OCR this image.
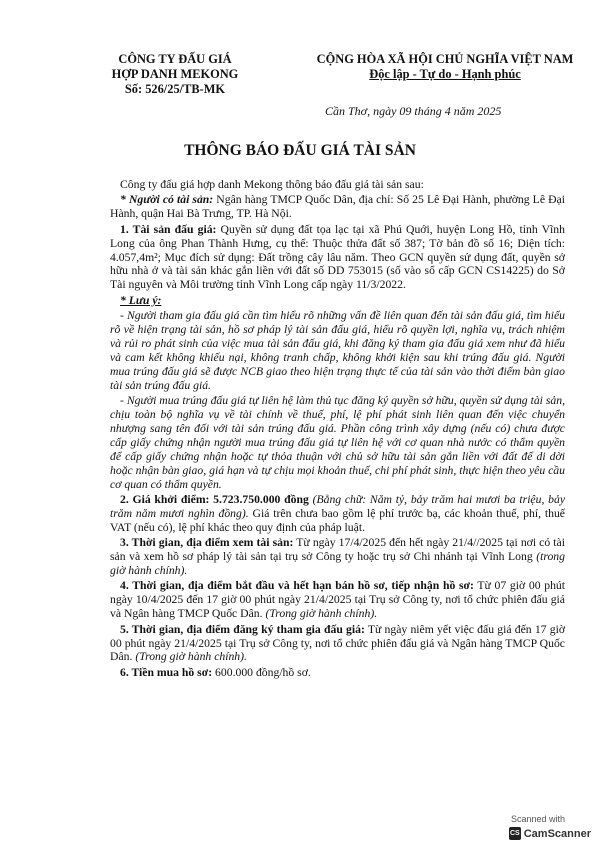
CÔNG TY ĐẤU GIÁ
HỢP DANH MEKONG
Số: 526/25/TB-MK
CỘNG HÒA XÃ HỘI CHỦ NGHĨA VIỆT NAM
Độc lập - Tự do - Hạnh phúc
Cần Thơ, ngày 09 tháng 4 năm 2025
THÔNG BÁO ĐẤU GIÁ TÀI SẢN

Công ty đấu giá hợp danh Mekong thông báo đấu giá tài sản sau:

* Người có tài sản: Ngân hàng TMCP Quốc Dân, địa chỉ: Số 25 Lê Đại Hành, phường Lê Đại Hành, quận Hai Bà Trưng, TP. Hà Nội.

1. Tài sản đấu giá: Quyền sử dụng đất tọa lạc tại xã Phú Quới, huyện Long Hồ, tỉnh Vĩnh Long của ông Phan Thành Hưng, cụ thể: Thuộc thửa đất số 387; Tờ bản đồ số 16; Diện tích: 4.057,4m²; Mục đích sử dụng: Đất trồng cây lâu năm. Theo GCN quyền sử dụng đất, quyền sở hữu nhà ở và tài sản khác gắn liền với đất số DD 753015 (số vào sổ cấp GCN CS14225) do Sở Tài nguyên và Môi trường tỉnh Vĩnh Long cấp ngày 11/3/2022.

* Lưu ý:

- Người tham gia đấu giá cần tìm hiểu rõ những vấn đề liên quan đến tài sản đấu giá, tìm hiểu rõ về hiện trạng tài sản, hồ sơ pháp lý tài sản đấu giá, hiểu rõ quyền lợi, nghĩa vụ, trách nhiệm và rủi ro phát sinh của việc mua tài sản đấu giá, khi đăng ký tham gia đấu giá xem như đã hiểu và cam kết không khiếu nại, không tranh chấp, không khởi kiện sau khi trúng đấu giá. Người mua trúng đấu giá sẽ được NCB giao theo hiện trạng thực tế của tài sản vào thời điểm bàn giao tài sản trúng đấu giá.

- Người mua trúng đấu giá tự liên hệ làm thủ tục đăng ký quyền sở hữu, quyền sử dụng tài sản, chịu toàn bộ nghĩa vụ về tài chính về thuế, phí, lệ phí phát sinh liên quan đến việc chuyển nhượng sang tên đối với tài sản trúng đấu giá. Phần công trình xây dựng (nếu có) chưa được cấp giấy chứng nhận người mua trúng đấu giá tự liên hệ với cơ quan nhà nước có thẩm quyền để cấp giấy chứng nhận hoặc tự thỏa thuận với chủ sở hữu tài sản gắn liền với đất để di dời hoặc nhận bàn giao, giá hạn và tự chịu mọi khoản thuế, chi phí phát sinh, thực hiện theo yêu cầu cơ quan có thẩm quyền.

2. Giá khởi điểm: 5.723.750.000 đồng (Bằng chữ: Năm tỷ, bảy trăm hai mươi ba triệu, bảy trăm năm mươi nghìn đồng). Giá trên chưa bao gồm lệ phí trước bạ, các khoản thuế, phí, thuế VAT (nếu có), lệ phí khác theo quy định của pháp luật.

3. Thời gian, địa điểm xem tài sản: Từ ngày 17/4/2025 đến hết ngày 21/4//2025 tại nơi có tài sản và xem hồ sơ pháp lý tài sản tại trụ sở Công ty hoặc trụ sở Chi nhánh tại Vĩnh Long (trong giờ hành chính).

4. Thời gian, địa điểm bắt đầu và hết hạn bán hồ sơ, tiếp nhận hồ sơ: Từ 07 giờ 00 phút ngày 10/4/2025 đến 17 giờ 00 phút ngày 21/4/2025 tại Trụ sở Công ty, nơi tổ chức phiên đấu giá và Ngân hàng TMCP Quốc Dân. (Trong giờ hành chính).

5. Thời gian, địa điểm đăng ký tham gia đấu giá: Từ ngày niêm yết việc đấu giá đến 17 giờ 00 phút ngày 21/4/2025 tại Trụ sở Công ty, nơi tổ chức phiên đấu giá và Ngân hàng TMCP Quốc Dân. (Trong giờ hành chính).

6. Tiền mua hồ sơ: 600.000 đồng/hồ sơ.

Scanned with
CS CamScanner
